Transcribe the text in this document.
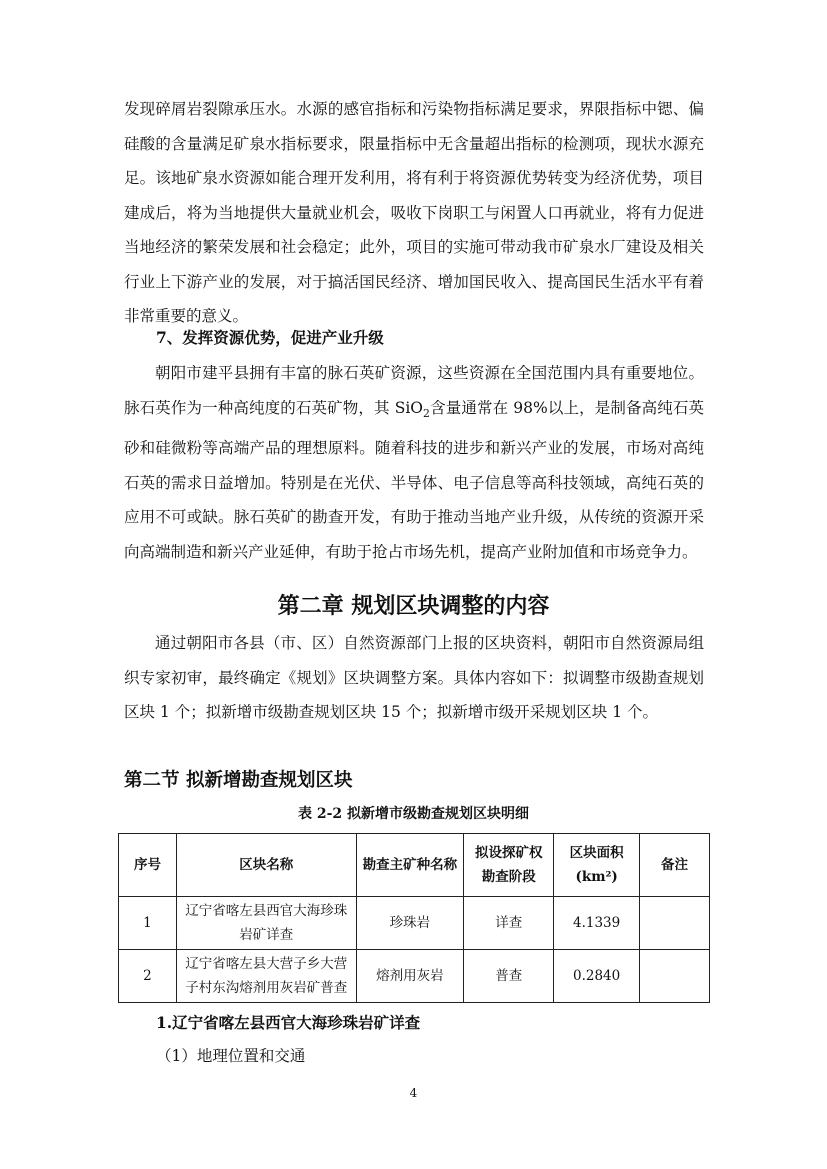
发现碎屑岩裂隙承压水。水源的感官指标和污染物指标满足要求，界限指标中锶、偏硅酸的含量满足矿泉水指标要求，限量指标中无含量超出指标的检测项，现状水源充足。该地矿泉水资源如能合理开发利用，将有利于将资源优势转变为经济优势，项目建成后，将为当地提供大量就业机会，吸收下岗职工与闲置人口再就业，将有力促进当地经济的繁荣发展和社会稳定；此外，项目的实施可带动我市矿泉水厂建设及相关行业上下游产业的发展，对于搞活国民经济、增加国民收入、提高国民生活水平有着非常重要的意义。

7、发挥资源优势，促进产业升级

朝阳市建平县拥有丰富的脉石英矿资源，这些资源在全国范围内具有重要地位。脉石英作为一种高纯度的石英矿物，其 SiO$_2$含量通常在 98%以上，是制备高纯石英砂和硅微粉等高端产品的理想原料。随着科技的进步和新兴产业的发展，市场对高纯石英的需求日益增加。特别是在光伏、半导体、电子信息等高科技领域，高纯石英的应用不可或缺。脉石英矿的勘查开发，有助于推动当地产业升级，从传统的资源开采向高端制造和新兴产业延伸，有助于抢占市场先机，提高产业附加值和市场竞争力。

第二章 规划区块调整的内容

通过朝阳市各县（市、区）自然资源部门上报的区块资料，朝阳市自然资源局组织专家初审，最终确定《规划》区块调整方案。具体内容如下：拟调整市级勘查规划区块 1 个；拟新增市级勘查规划区块 15 个；拟新增市级开采规划区块 1 个。

第二节 拟新增勘查规划区块
表 2-2 拟新增市级勘查规划区块明细
序号	区块名称	勘查主矿种名称	拟设探矿权勘查阶段	区块面积(km²)	备注
1	辽宁省喀左县西官大海珍珠岩矿详查	珍珠岩	详查	4.1339	
2	辽宁省喀左县大营子乡大营子村东沟熔剂用灰岩矿普查	熔剂用灰岩	普查	0.2840	

1.辽宁省喀左县西官大海珍珠岩矿详查

（1）地理位置和交通

4
